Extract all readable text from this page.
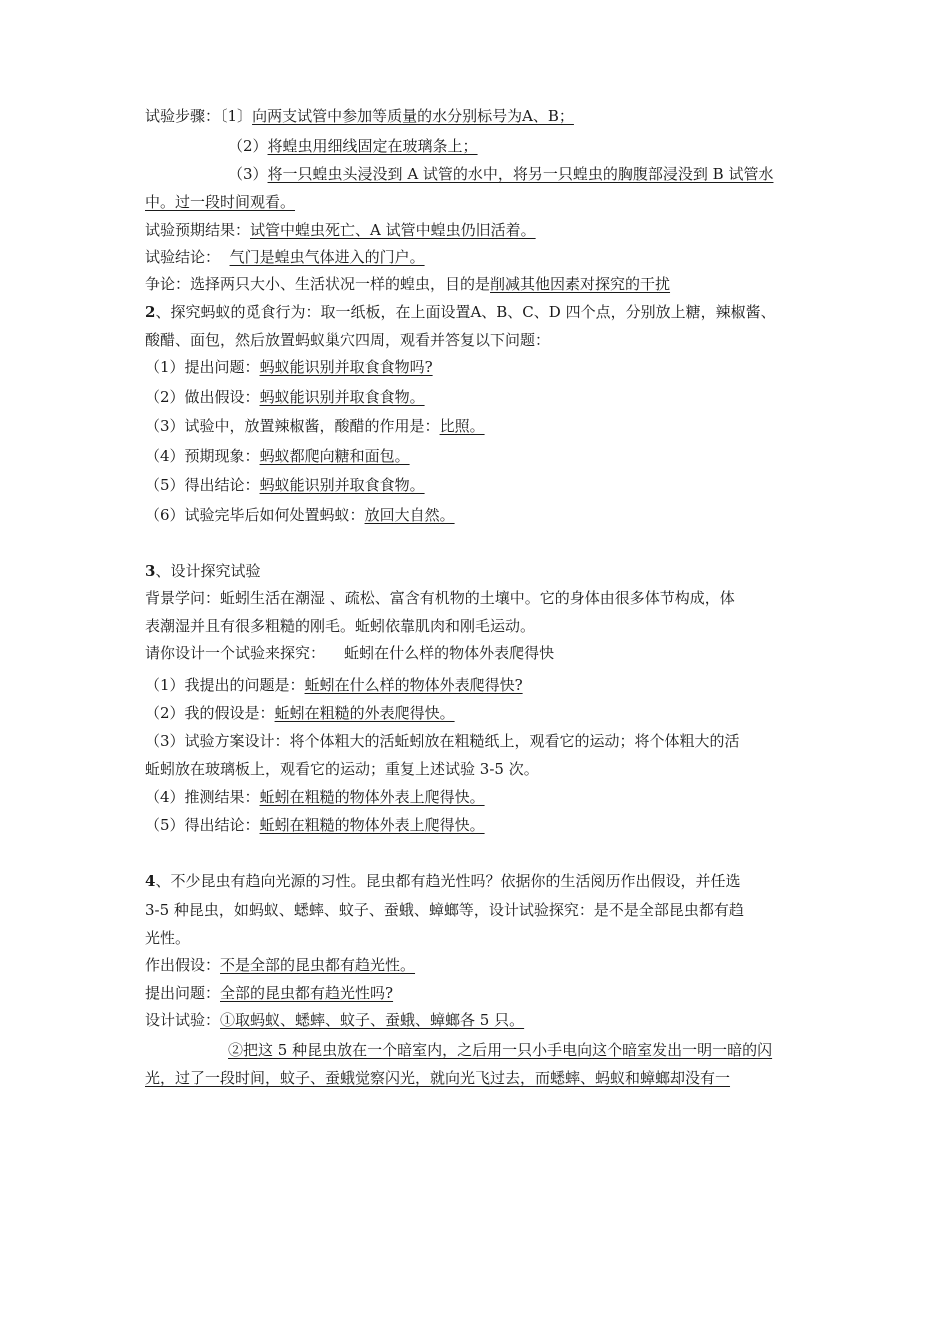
试验步骤：〔1〕向两支试管中参加等质量的水分别标号为A、B；
（2）将蝗虫用细线固定在玻璃条上；
（3）将一只蝗虫头浸没到 A 试管的水中，将另一只蝗虫的胸腹部浸没到 B 试管水
中。过一段时间观看。
试验预期结果：试管中蝗虫死亡、A 试管中蝗虫仍旧活着。
试验结论： 气门是蝗虫气体进入的门户。
争论：选择两只大小、生活状况一样的蝗虫，目的是削减其他因素对探究的干扰
2、探究蚂蚁的觅食行为：取一纸板，在上面设置A、B、C、D 四个点，分别放上糖，辣椒酱、
酸醋、面包，然后放置蚂蚁巢穴四周，观看并答复以下问题：
（1）提出问题：蚂蚁能识别并取食食物吗?
（2）做出假设：蚂蚁能识别并取食食物。
（3）试验中，放置辣椒酱，酸醋的作用是：比照。
（4）预期现象：蚂蚁都爬向糖和面包。
（5）得出结论：蚂蚁能识别并取食食物。
（6）试验完毕后如何处置蚂蚁：放回大自然。
3、设计探究试验
背景学问：蚯蚓生活在潮湿 、疏松、富含有机物的土壤中。它的身体由很多体节构成，体
表潮湿并且有很多粗糙的刚毛。蚯蚓依靠肌肉和刚毛运动。
请你设计一个试验来探究： 蚯蚓在什么样的物体外表爬得快
（1）我提出的问题是：蚯蚓在什么样的物体外表爬得快?
（2）我的假设是：蚯蚓在粗糙的外表爬得快。
（3）试验方案设计：将个体粗大的活蚯蚓放在粗糙纸上，观看它的运动；将个体粗大的活
蚯蚓放在玻璃板上，观看它的运动；重复上述试验 3-5 次。
（4）推测结果：蚯蚓在粗糙的物体外表上爬得快。
（5）得出结论：蚯蚓在粗糙的物体外表上爬得快。
4、不少昆虫有趋向光源的习性。昆虫都有趋光性吗？依据你的生活阅历作出假设，并任选
3-5 种昆虫，如蚂蚁、蟋蟀、蚊子、蚕蛾、蟑螂等，设计试验探究：是不是全部昆虫都有趋
光性。
作出假设：不是全部的昆虫都有趋光性。
提出问题：全部的昆虫都有趋光性吗?
设计试验：①取蚂蚁、蟋蟀、蚊子、蚕蛾、蟑螂各 5 只。
②把这 5 种昆虫放在一个暗室内，之后用一只小手电向这个暗室发出一明一暗的闪
光，过了一段时间，蚊子、蚕蛾觉察闪光，就向光飞过去，而蟋蟀、蚂蚁和蟑螂却没有一
